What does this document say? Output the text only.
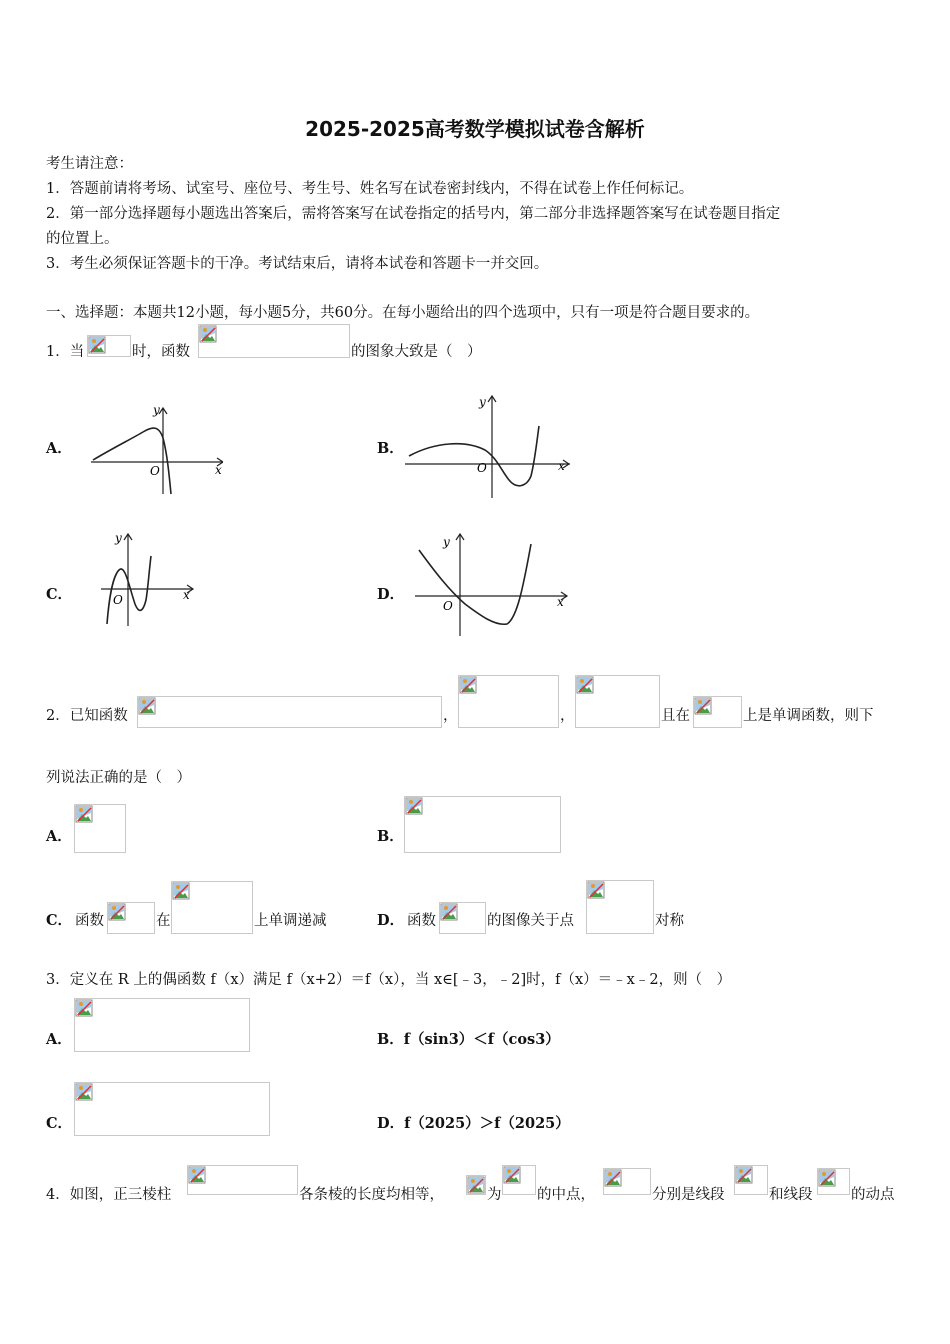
2025-2025高考数学模拟试卷含解析
考生请注意：
1．答题前请将考场、试室号、座位号、考生号、姓名写在试卷密封线内，不得在试卷上作任何标记。
2．第一部分选择题每小题选出答案后，需将答案写在试卷指定的括号内，第二部分非选择题答案写在试卷题目指定
的位置上。
3．考生必须保证答题卡的干净。考试结束后，请将本试卷和答题卡一并交回。
一、选择题：本题共12小题，每小题5分，共60分。在每小题给出的四个选项中，只有一项是符合题目要求的。
1．当	时，函数	的图象大致是（　）
A．
y
x
O
B．
y
x
O
C．
y
x
O	D．
y
x
O
2．已知函数	，	，	且在	上是单调函数，则下
列说法正确的是（　）
A．	B．
C． 函数	在	上单调递减	D． 函数	的图像关于点	对称
3．定义在 R 上的偶函数 f（x）满足 f（x+2）＝f（x），当 x∈[﹣3，﹣2]时，f（x）＝﹣x﹣2，则（　）
A．	B．f（sin3）＜f（cos3）
C．	D．f（2025）＞f（2025）
4．如图，正三棱柱	各条棱的长度均相等，	为 的中点，	分别是线段	和线段	的动点
